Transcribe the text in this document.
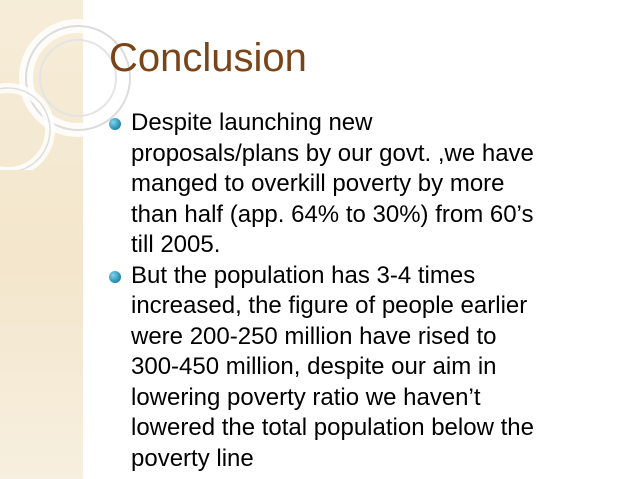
Conclusion
Despite launching new
proposals/plans by our govt. ,we have
manged to overkill poverty by more
than half (app. 64% to 30%) from 60’s
till 2005.
But the population has 3-4 times
increased, the figure of people earlier
were 200-250 million have rised to
300-450 million, despite our aim in
lowering poverty ratio we haven’t
lowered the total population below the
poverty line
